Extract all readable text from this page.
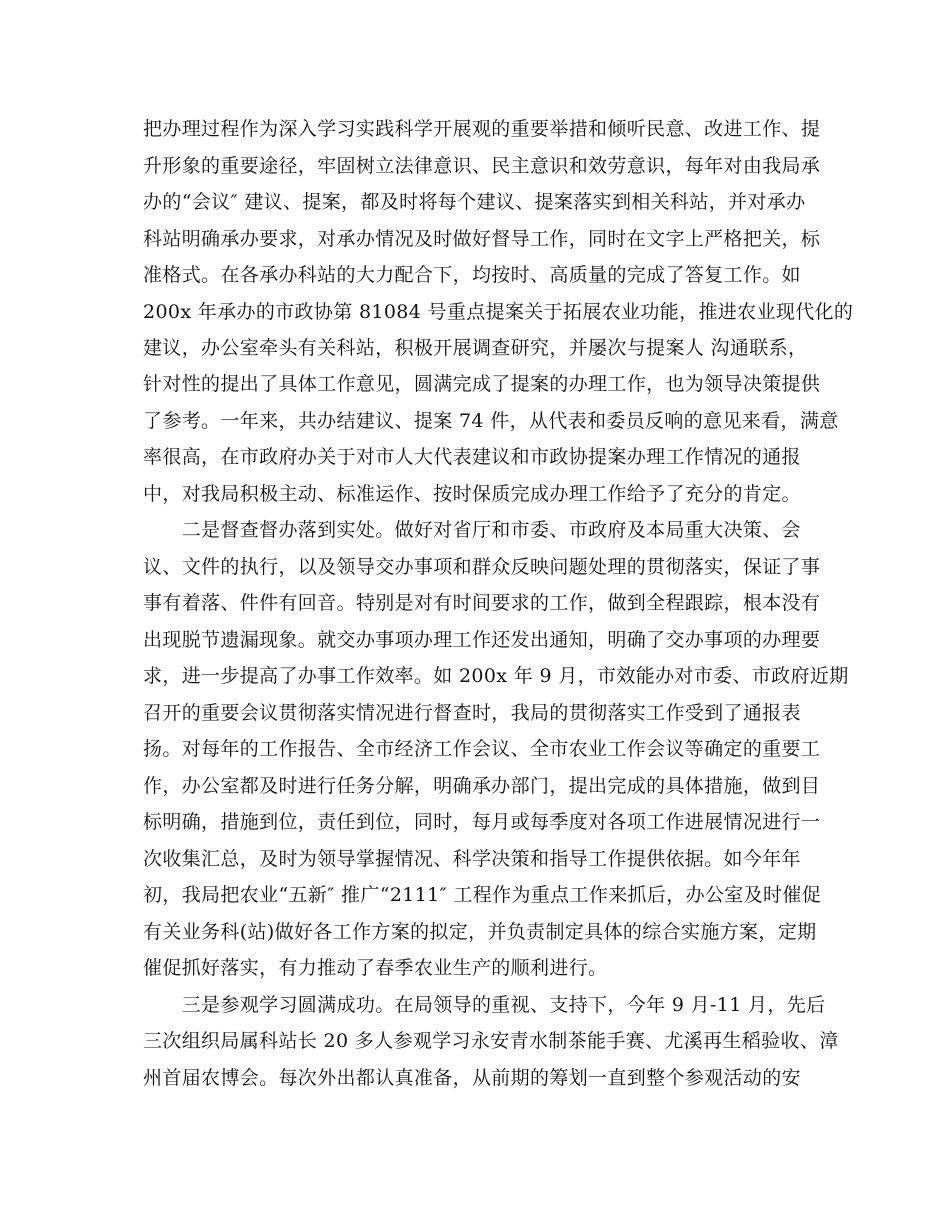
把办理过程作为深入学习实践科学开展观的重要举措和倾听民意、改进工作、提
升形象的重要途径，牢固树立法律意识、民主意识和效劳意识，每年对由我局承
办的“会议″ 建议、提案，都及时将每个建议、提案落实到相关科站，并对承办
科站明确承办要求，对承办情况及时做好督导工作，同时在文字上严格把关，标
准格式。在各承办科站的大力配合下，均按时、高质量的完成了答复工作。如
200x 年承办的市政协第 81084 号重点提案关于拓展农业功能，推进农业现代化的
建议，办公室牵头有关科站，积极开展调查研究，并屡次与提案人 沟通联系，
针对性的提出了具体工作意见，圆满完成了提案的办理工作，也为领导决策提供
了参考。一年来，共办结建议、提案 74 件，从代表和委员反响的意见来看，满意
率很高，在市政府办关于对市人大代表建议和市政协提案办理工作情况的通报
中，对我局积极主动、标准运作、按时保质完成办理工作给予了充分的肯定。
　　二是督查督办落到实处。做好对省厅和市委、市政府及本局重大决策、会
议、文件的执行，以及领导交办事项和群众反映问题处理的贯彻落实，保证了事
事有着落、件件有回音。特别是对有时间要求的工作，做到全程跟踪，根本没有
出现脱节遗漏现象。就交办事项办理工作还发出通知，明确了交办事项的办理要
求，进一步提高了办事工作效率。如 200x 年 9 月，市效能办对市委、市政府近期
召开的重要会议贯彻落实情况进行督查时，我局的贯彻落实工作受到了通报表
扬。对每年的工作报告、全市经济工作会议、全市农业工作会议等确定的重要工
作，办公室都及时进行任务分解，明确承办部门，提出完成的具体措施，做到目
标明确，措施到位，责任到位，同时，每月或每季度对各项工作进展情况进行一
次收集汇总，及时为领导掌握情况、科学决策和指导工作提供依据。如今年年
初，我局把农业“五新″ 推广“2111″ 工程作为重点工作来抓后，办公室及时催促
有关业务科(站)做好各工作方案的拟定，并负责制定具体的综合实施方案，定期
催促抓好落实，有力推动了春季农业生产的顺利进行。
　　三是参观学习圆满成功。在局领导的重视、支持下，今年 9 月-11 月，先后
三次组织局属科站长 20 多人参观学习永安青水制茶能手赛、尤溪再生稻验收、漳
州首届农博会。每次外出都认真准备，从前期的筹划一直到整个参观活动的安
